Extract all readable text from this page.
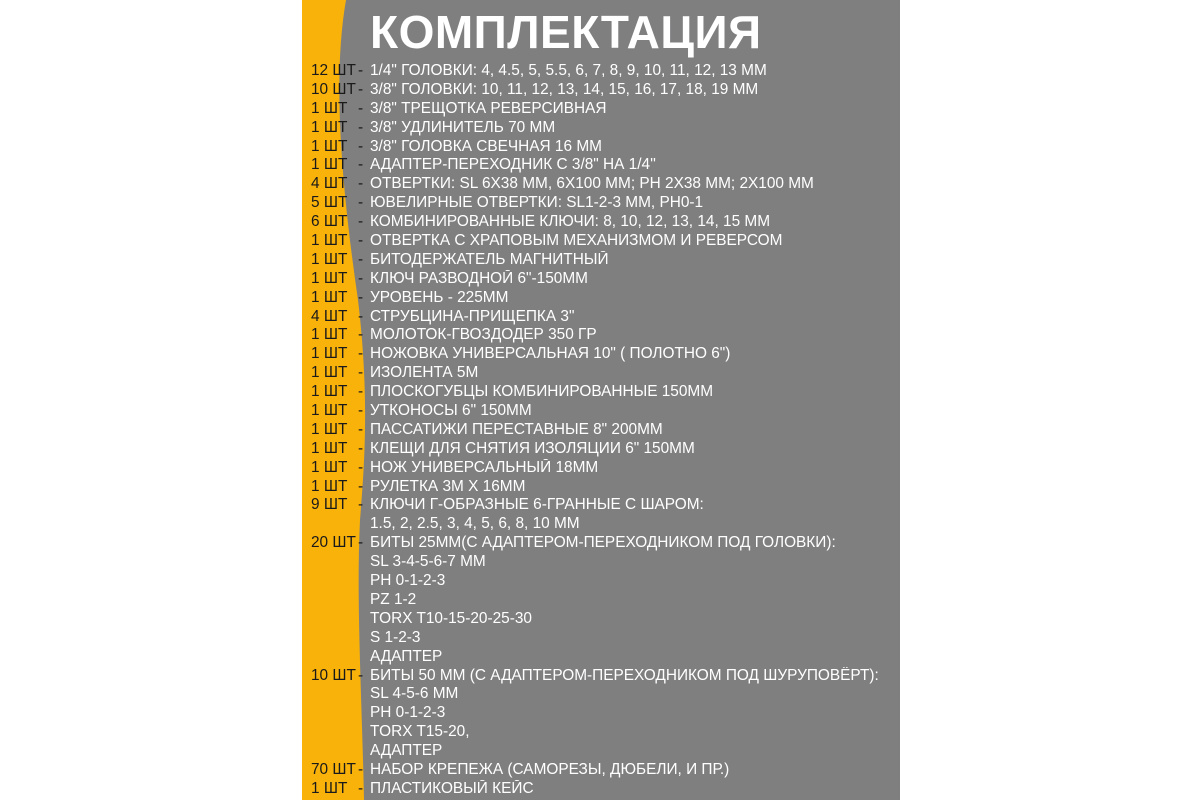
КОМПЛЕКТАЦИЯ
12 ШТ - 1/4" ГОЛОВКИ: 4, 4.5, 5, 5.5, 6, 7, 8, 9, 10, 11, 12, 13 ММ
10 ШТ - 3/8" ГОЛОВКИ: 10, 11, 12, 13, 14, 15, 16, 17, 18, 19 ММ
1 ШТ - 3/8" ТРЕЩОТКА РЕВЕРСИВНАЯ
1 ШТ - 3/8" УДЛИНИТЕЛЬ 70 ММ
1 ШТ - 3/8" ГОЛОВКА СВЕЧНАЯ 16 ММ
1 ШТ - АДАПТЕР-ПЕРЕХОДНИК С 3/8" НА 1/4''
4 ШТ - ОТВЕРТКИ: SL 6X38 ММ, 6X100 ММ; PH 2X38 ММ; 2X100 ММ
5 ШТ - ЮВЕЛИРНЫЕ ОТВЕРТКИ: SL1-2-3 ММ, PH0-1
6 ШТ - КОМБИНИРОВАННЫЕ КЛЮЧИ: 8, 10, 12, 13, 14, 15 ММ
1 ШТ - ОТВЕРТКА С ХРАПОВЫМ МЕХАНИЗМОМ И РЕВЕРСОМ
1 ШТ - БИТОДЕРЖАТЕЛЬ МАГНИТНЫЙ
1 ШТ - КЛЮЧ РАЗВОДНОЙ 6"-150ММ
1 ШТ - УРОВЕНЬ - 225ММ
4 ШТ - СТРУБЦИНА-ПРИЩЕПКА 3"
1 ШТ - МОЛОТОК-ГВОЗДОДЕР 350 ГР
1 ШТ - НОЖОВКА УНИВЕРСАЛЬНАЯ 10" ( ПОЛОТНО 6")
1 ШТ - ИЗОЛЕНТА 5М
1 ШТ - ПЛОСКОГУБЦЫ КОМБИНИРОВАННЫЕ 150ММ
1 ШТ - УТКОНОСЫ 6" 150ММ
1 ШТ - ПАССАТИЖИ ПЕРЕСТАВНЫЕ 8" 200ММ
1 ШТ - КЛЕЩИ ДЛЯ СНЯТИЯ ИЗОЛЯЦИИ 6" 150ММ
1 ШТ - НОЖ УНИВЕРСАЛЬНЫЙ 18ММ
1 ШТ - РУЛЕТКА 3М Х 16ММ
9 ШТ - КЛЮЧИ Г-ОБРАЗНЫЕ 6-ГРАННЫЕ С ШАРОМ:
1.5, 2, 2.5, 3, 4, 5, 6, 8, 10 ММ
20 ШТ - БИТЫ 25ММ(С АДАПТЕРОМ-ПЕРЕХОДНИКОМ ПОД ГОЛОВКИ):
SL 3-4-5-6-7 ММ
PH 0-1-2-3
PZ 1-2
TORX T10-15-20-25-30
S 1-2-3
АДАПТЕР
10 ШТ - БИТЫ 50 ММ (С АДАПТЕРОМ-ПЕРЕХОДНИКОМ ПОД ШУРУПОВЁРТ):
SL 4-5-6 ММ
PH 0-1-2-3
TORX T15-20,
АДАПТЕР
70 ШТ - НАБОР КРЕПЕЖА (САМОРЕЗЫ, ДЮБЕЛИ, И ПР.)
1 ШТ - ПЛАСТИКОВЫЙ КЕЙС
